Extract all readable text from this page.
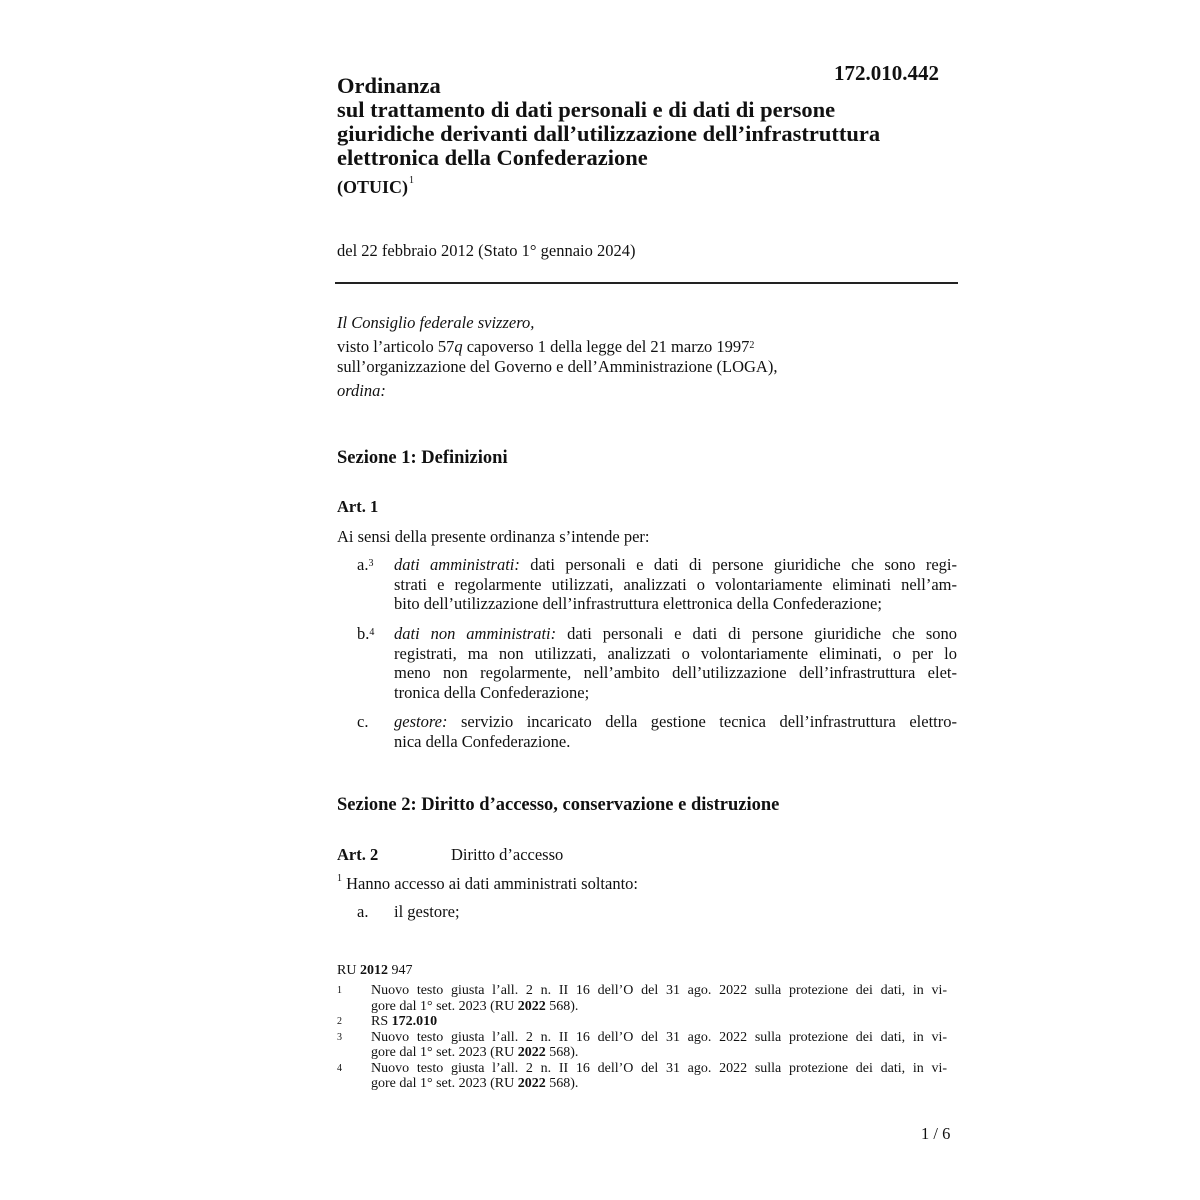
172.010.442
Ordinanza
sul trattamento di dati personali e di dati di persone
giuridiche derivanti dall’utilizzazione dell’infrastruttura
elettronica della Confederazione
(OTUIC)$^1$
del 22 febbraio 2012 (Stato 1° gennaio 2024)
Il Consiglio federale svizzero,
visto l’articolo 57q capoverso 1 della legge del 21 marzo 1997$^2$
sull’organizzazione del Governo e dell’Amministrazione (LOGA),
ordina:
Sezione 1: Definizioni
Art. 1
Ai sensi della presente ordinanza s’intende per:
a.$^3$ dati amministrati: dati personali e dati di persone giuridiche che sono regi-
strati e regolarmente utilizzati, analizzati o volontariamente eliminati nell’am-
bito dell’utilizzazione dell’infrastruttura elettronica della Confederazione;
b.$^4$ dati non amministrati: dati personali e dati di persone giuridiche che sono
registrati, ma non utilizzati, analizzati o volontariamente eliminati, o per lo
meno non regolarmente, nell’ambito dell’utilizzazione dell’infrastruttura elet-
tronica della Confederazione;
c. gestore: servizio incaricato della gestione tecnica dell’infrastruttura elettro-
nica della Confederazione.
Sezione 2: Diritto d’accesso, conservazione e distruzione
Art. 2	Diritto d’accesso
$^1$ Hanno accesso ai dati amministrati soltanto:
a. il gestore;
RU 2012 947
1 Nuovo testo giusta l’all. 2 n. II 16 dell’O del 31 ago. 2022 sulla protezione dei dati, in vi-
gore dal 1° set. 2023 (RU 2022 568).
2 RS 172.010
3 Nuovo testo giusta l’all. 2 n. II 16 dell’O del 31 ago. 2022 sulla protezione dei dati, in vi-
gore dal 1° set. 2023 (RU 2022 568).
4 Nuovo testo giusta l’all. 2 n. II 16 dell’O del 31 ago. 2022 sulla protezione dei dati, in vi-
gore dal 1° set. 2023 (RU 2022 568).
1 / 6
